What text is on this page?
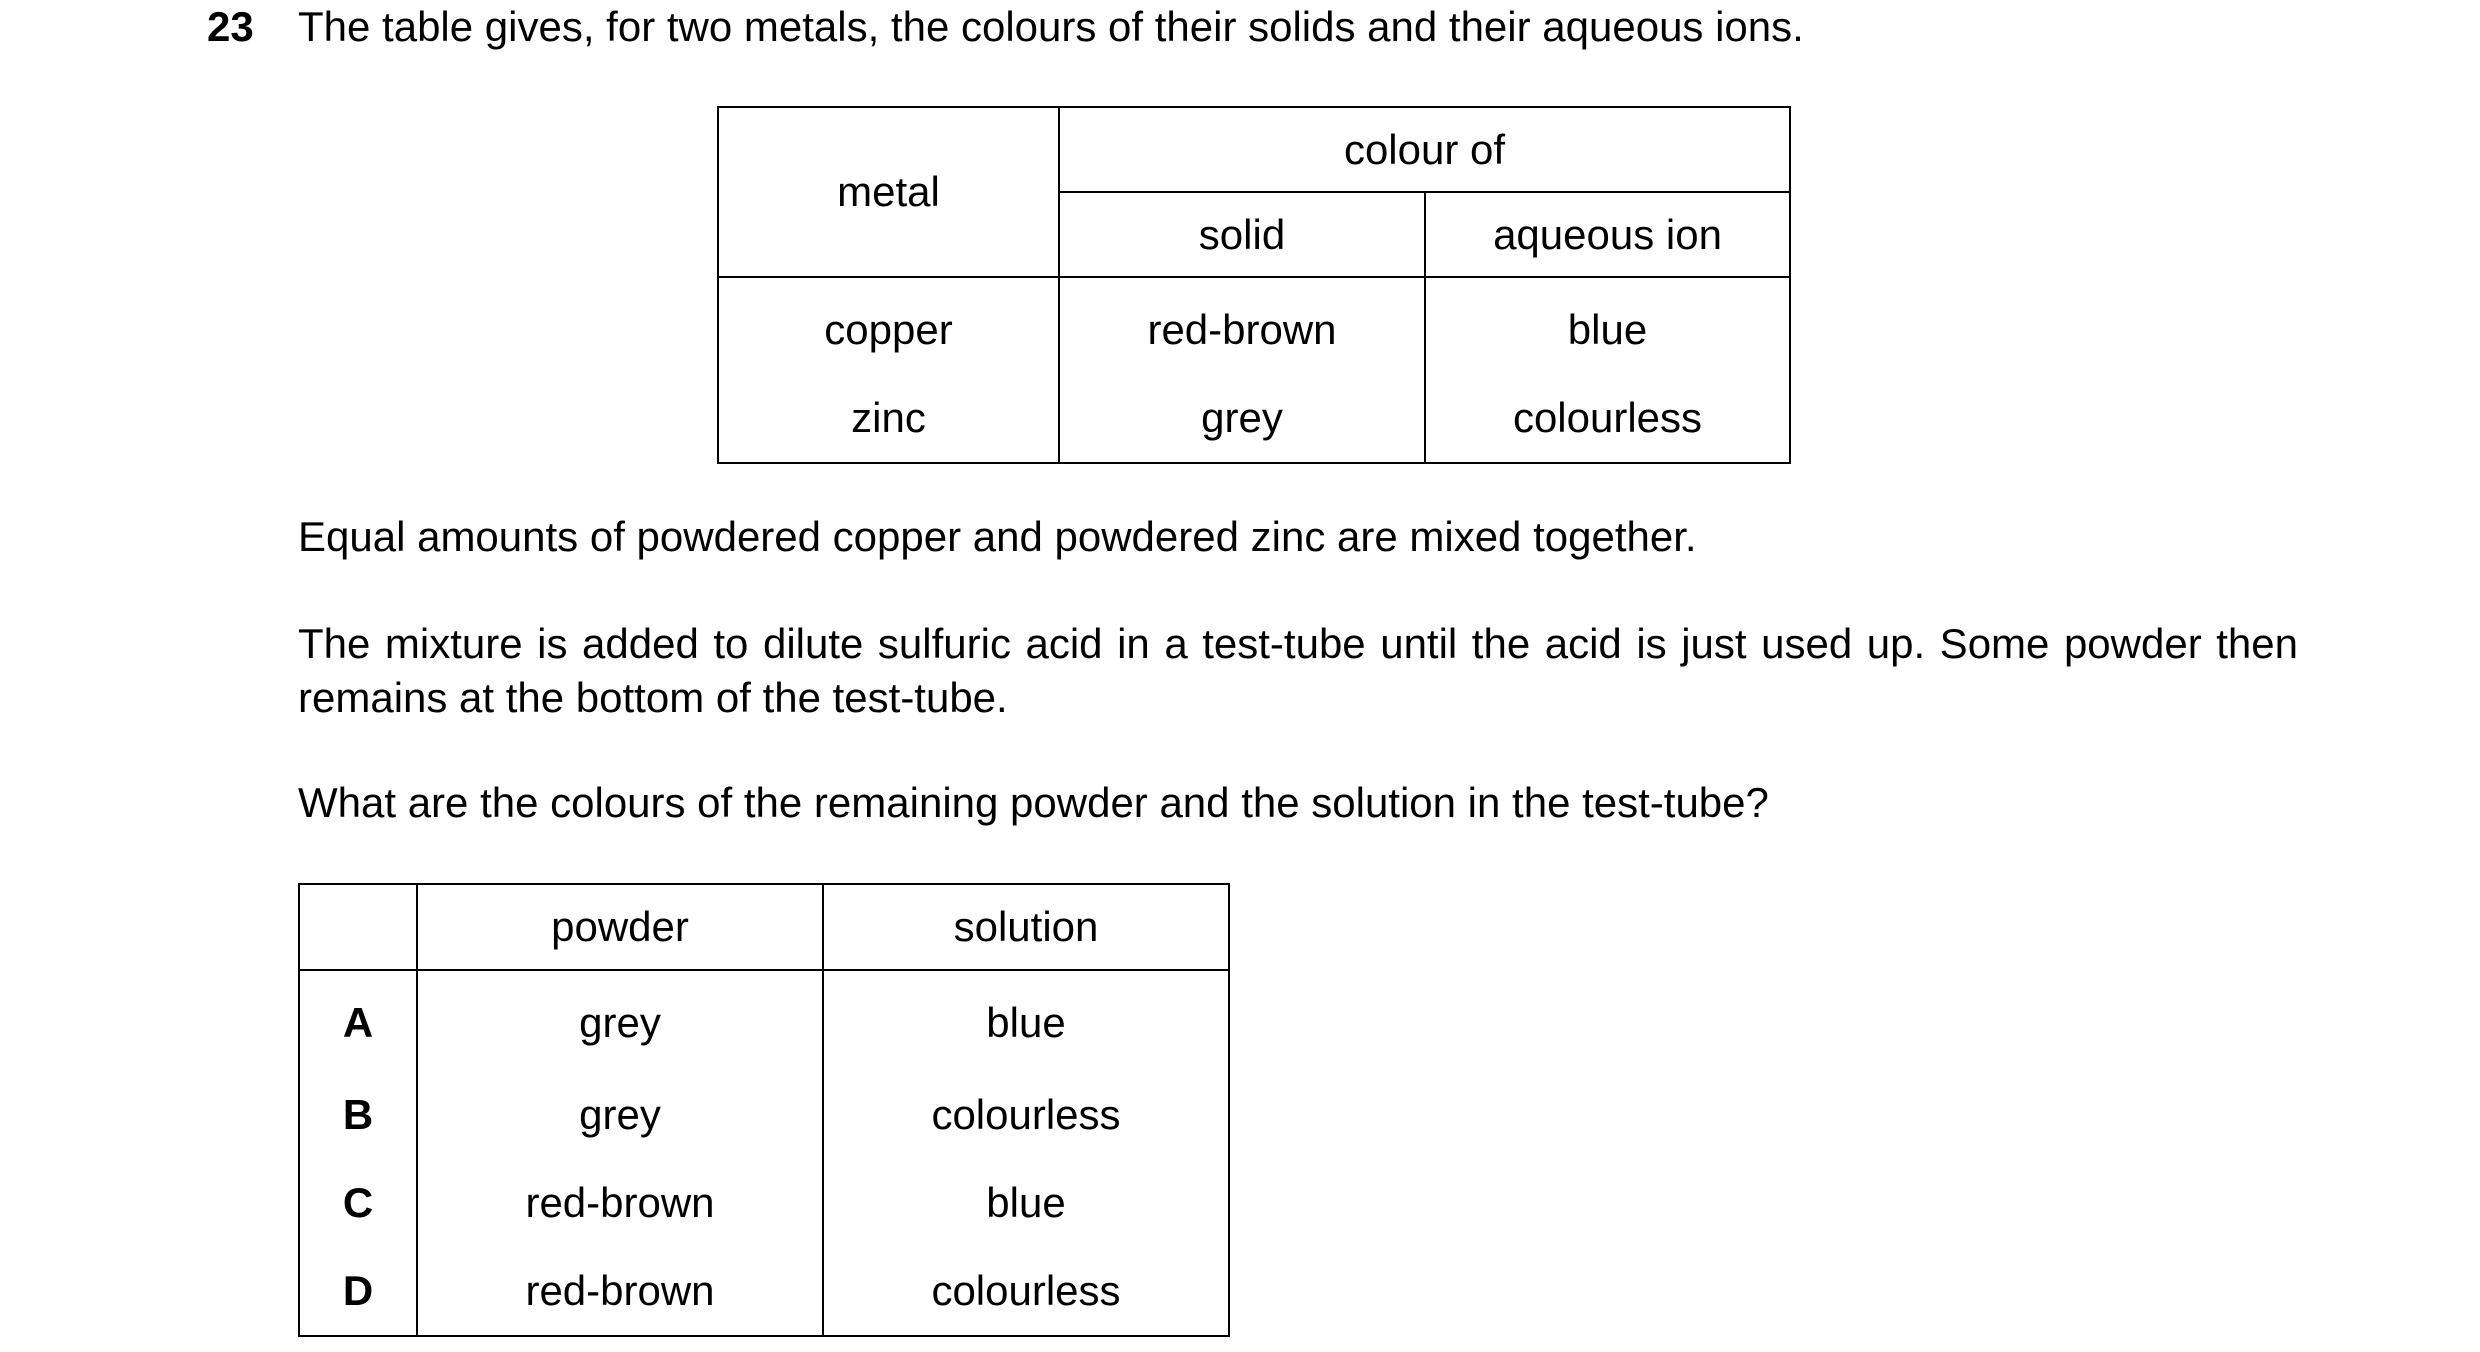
23 The table gives, for two metals, the colours of their solids and their aqueous ions.
metal	colour of	
	solid	aqueous ion
copper	red-brown	blue
zinc	grey	colourless
Equal amounts of powdered copper and powdered zinc are mixed together.
The mixture is added to dilute sulfuric acid in a test-tube until the acid is just used up. Some powder then remains at the bottom of the test-tube.
What are the colours of the remaining powder and the solution in the test-tube?
	powder	solution
A	grey	blue
B	grey	colourless
C	red-brown	blue
D	red-brown	colourless
